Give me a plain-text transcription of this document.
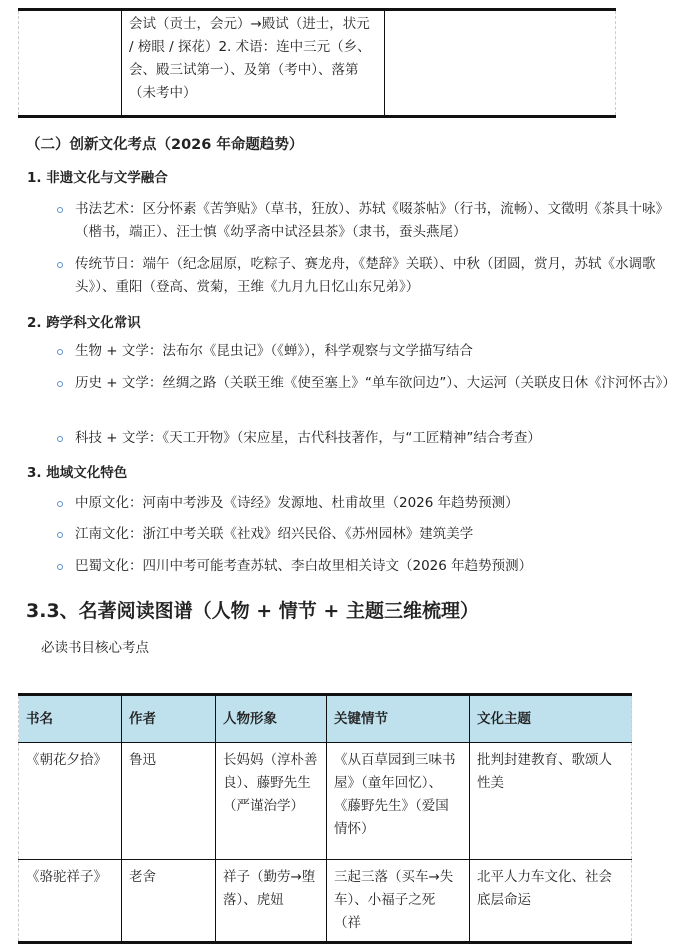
	会试（贡士，会元）→殿试（进士，状元 / 榜眼 / 探花）2. 术语：连中三元（乡、会、殿三试第一）、及第（考中）、落第（未考中）	
（二）创新文化考点（2026 年命题趋势）
1. 非遗文化与文学融合
书法艺术：区分怀素《苦笋贴》（草书，狂放）、苏轼《啜茶帖》（行书，流畅）、文徵明《茶具十咏》（楷书，端正）、汪士慎《幼孚斋中试泾县茶》（隶书，蚕头燕尾）
传统节日：端午（纪念屈原，吃粽子、赛龙舟，《楚辞》关联）、中秋（团圆，赏月，苏轼《水调歌头》）、重阳（登高、赏菊，王维《九月九日忆山东兄弟》）
2. 跨学科文化常识
生物 + 文学：法布尔《昆虫记》（《蝉》），科学观察与文学描写结合
历史 + 文学：丝绸之路（关联王维《使至塞上》“单车欲问边”）、大运河（关联皮日休《汴河怀古》）
科技 + 文学：《天工开物》（宋应星，古代科技著作，与“工匠精神”结合考查）
3. 地域文化特色
中原文化：河南中考涉及《诗经》发源地、杜甫故里（2026 年趋势预测）
江南文化：浙江中考关联《社戏》绍兴民俗、《苏州园林》建筑美学
巴蜀文化：四川中考可能考查苏轼、李白故里相关诗文（2026 年趋势预测）
3.3、名著阅读图谱（人物 + 情节 + 主题三维梳理）
必读书目核心考点
书名	作者	人物形象	关键情节	文化主题
《朝花夕拾》	鲁迅	长妈妈（淳朴善良）、藤野先生（严谨治学）	《从百草园到三味书屋》（童年回忆）、《藤野先生》（爱国情怀）	批判封建教育、歌颂人性美
《骆驼祥子》	老舍	祥子（勤劳→堕落）、虎妞	三起三落（买车→失车）、小福子之死（祥	北平人力车文化、社会底层命运
